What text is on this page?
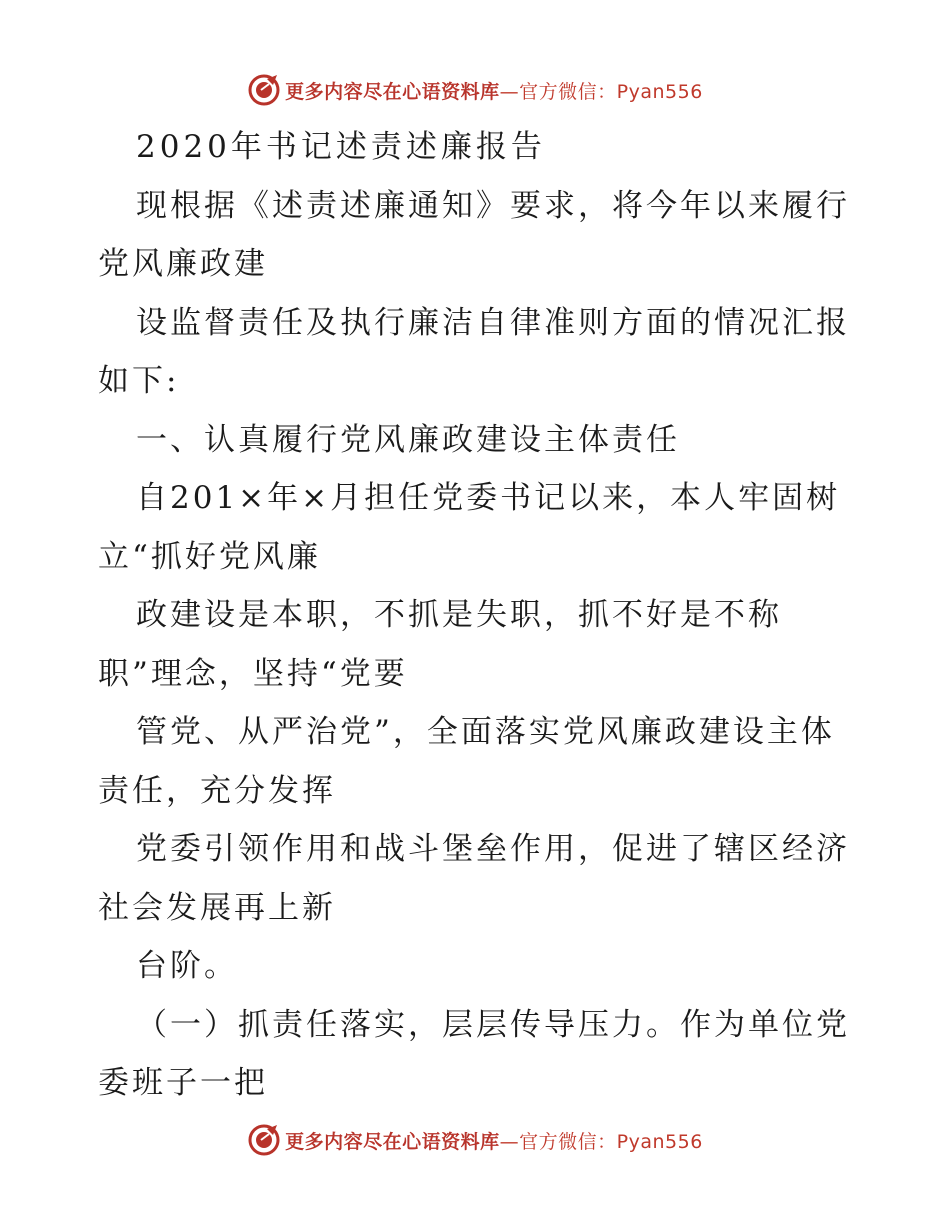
更多内容尽在心语资料库—官方微信：Pyan556
2020年书记述责述廉报告
现根据《述责述廉通知》要求，将今年以来履行
党风廉政建
设监督责任及执行廉洁自律准则方面的情况汇报
如下:
一、认真履行党风廉政建设主体责任
自201×年×月担任党委书记以来，本人牢固树
立“抓好党风廉
政建设是本职，不抓是失职，抓不好是不称
职”理念，坚持“党要
管党、从严治党”，全面落实党风廉政建设主体
责任，充分发挥
党委引领作用和战斗堡垒作用，促进了辖区经济
社会发展再上新
台阶。
（一）抓责任落实，层层传导压力。作为单位党
委班子一把
更多内容尽在心语资料库—官方微信：Pyan556
